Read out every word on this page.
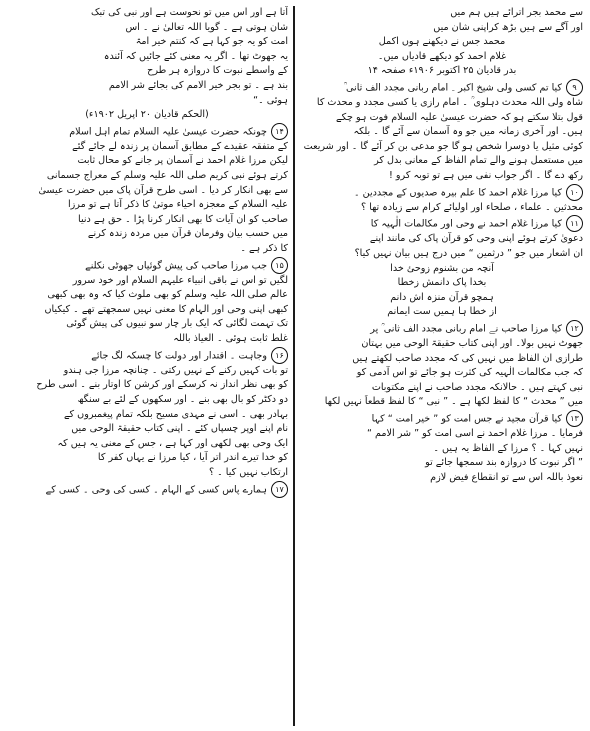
سے محمد بجر اترائے ہیں ہم میں
اور آگے سے ہیں بڑھ کراپنی شان میں
محمد جس نے دیکھنے ہوں اکمل
غلام احمد کو دیکھے قادیاں میں۔
بدر قادیان ۲۵ اکتوبر ۱۹۰۶ء صفحہ ۱۴
۹کیا تم کسی ولی شیخ اکبر ۔ امام ربانی مجدد الف ثانی ؒ
شاہ ولی اللہ محدث دہلوی ؒ ۔ امام رازی یا کسی مجدد و محدث کا
قول بتلا سکتے ہو کہ حضرت عیسیٰ علیہ السلام فوت ہو چکے
ہیں۔ اور آخری زمانہ میں جو وہ آسمان سے آئے گا ۔ بلکہ
کوئی مثیل یا دوسرا شخص ہو گا جو مدعی بن کر آئے گا ۔ اور شریعت
میں مستعمل ہونے والے تمام الفاظ کے معانی بدل کر
رکھ دے گا ۔ اگر جواب نفی میں ہے تو توبہ کرو !
۱۰کیا مرزا غلام احمد کا علم بیرہ صدیوں کے مجددین ۔
محدثین ۔ علماء ، صلحاء اور اولیائے کرام سے زیادہ تھا ؟
۱۱کیا مرزا غلام احمد نے وحی اور مکالمات الٰہیہ کا
دعویٰ کرتے ہوئے اپنی وحی کو قرآن پاک کی مانند اپنے
ان اشعار میں جو ” درثمین “ میں درج ہیں بیان نہیں کیا؟
آنچہ من بشنوم زوحئ خدا
بخدا پاک دانمش زخطا
ہمچو قرآن منزہ اش دانم
از خطا ہا ہمیں ست ایمانم
۱۲کیا مرزا صاحب نے امام ربانی مجدد الف ثانی ؒ پر
جھوٹ نہیں بولا۔ اور اپنی کتاب حقیقۃ الوحی میں بہتان
طرازی ان الفاظ میں نہیں کی کہ مجدد صاحب لکھتے ہیں
کہ جب مکالمات الٰہیہ کی کثرت ہو جائے تو اس آدمی کو
نبی کہتے ہیں ۔ حالانکہ مجدد صاحب نے اپنے مکتوبات
میں ” محدث “ کا لفظ لکھا ہے ۔ ” نبی “ کا لفظ قطعاً نہیں لکھا
۱۳کیا قرآن مجید نے جس امت کو ” خیر امت “ کہا
فرمایا ۔ مرزا غلام احمد نے اسی امت کو ” شر الامم “
نہیں کہا ۔ ؟ مرزا کے الفاظ یہ ہیں ۔
” اگر نبوت کا دروازہ بند سمجھا جائے تو
نعوذ باللہ اس سے تو انقطاع فیض لازم
آتا ہے اور اس میں تو نحوست ہے اور نبی کی تبک
شان ہوتی ہے ۔ گویا اللہ تعالیٰ نے ۔ اس
امت کو یہ جو کہا ہے کہ کنتم خیر امۃ
یہ جھوٹ تھا ۔ اگر یہ معنی کئے جائیں کہ آئندہ
کے واسطے نبوت کا دروازہ ہر طرح
بند ہے ۔ تو بجر خیر الامم کی بجائے شر الامم
ہوئی ۔“
(الحکم قادیان ۲۰ اپریل ۱۹۰۲ء)
۱۴چونکہ حضرت عیسیٰ علیہ السلام تمام اہل اسلام
کے متفقہ عقیدے کے مطابق آسمان پر زندہ لے جائے گئے
لیکن مرزا غلام احمد نے آسمان پر جانے کو محال ثابت
کرتے ہوئے نبی کریم صلی اللہ علیہ وسلم کے معراج جسمانی
سے بھی انکار کر دیا ۔ اسی طرح قرآن پاک میں حضرت عیسیٰ
علیہ السلام کے معجزہ احیاء موتیٰ کا ذکر آتا ہے تو مرزا
صاحب کو ان آیات کا بھی انکار کرنا پڑا ۔ حق ہے دنیا
میں حسب بیان وفرمان قرآن میں مردہ زندہ کرنے
کا ذکر ہے ۔
۱۵جب مرزا صاحب کی پیش گوئیاں جھوٹی نکلنے
لگیں تو اس نے باقی انبیاء علیہم السلام اور خود سرور
عالم صلی اللہ علیہ وسلم کو بھی ملوث کیا کہ وہ بھی کبھی
کبھی اپنی وحی اور الہام کا معنی نہیں سمجھتے تھے ۔ کیکیاں
تک تہمت لگائی کہ ایک بار چار سو نبیوں کی پیش گوئی
غلط ثابت ہوئی ۔ العیاذ باللہ
۱۶وجاہت ۔ اقتدار اور دولت کا چسکہ لگ جائے
تو بات کہیں رکنے کے نہیں رکتی ۔ چنانچہ مرزا جی ہندو
کو بھی نظر انداز نہ کرسکے اور کرشن کا اوتار بنے ۔ اسی طرح
دو دکٹر کو بال بھی بنے ۔ اور سکھوں کے لئے بے سنگھ
بہادر بھی ۔ اسی نے مہدی مسیح بلکہ تمام پیغمبروں کے
نام اپنے اوپر چسپاں کئے ۔ اپنی کتاب حقیقۃ الوحی میں
ایک وحی بھی لکھی اور کہا ہے ، جس کے معنی یہ ہیں کہ
کو خدا تیرے اندر اتر آیا ، کیا مرزا نے یہاں کفر کا
ارتکاب نہیں کیا ۔ ؟
۱۷ہمارے پاس کسی کے الہام ۔ کسی کی وحی ۔ کسی کے
